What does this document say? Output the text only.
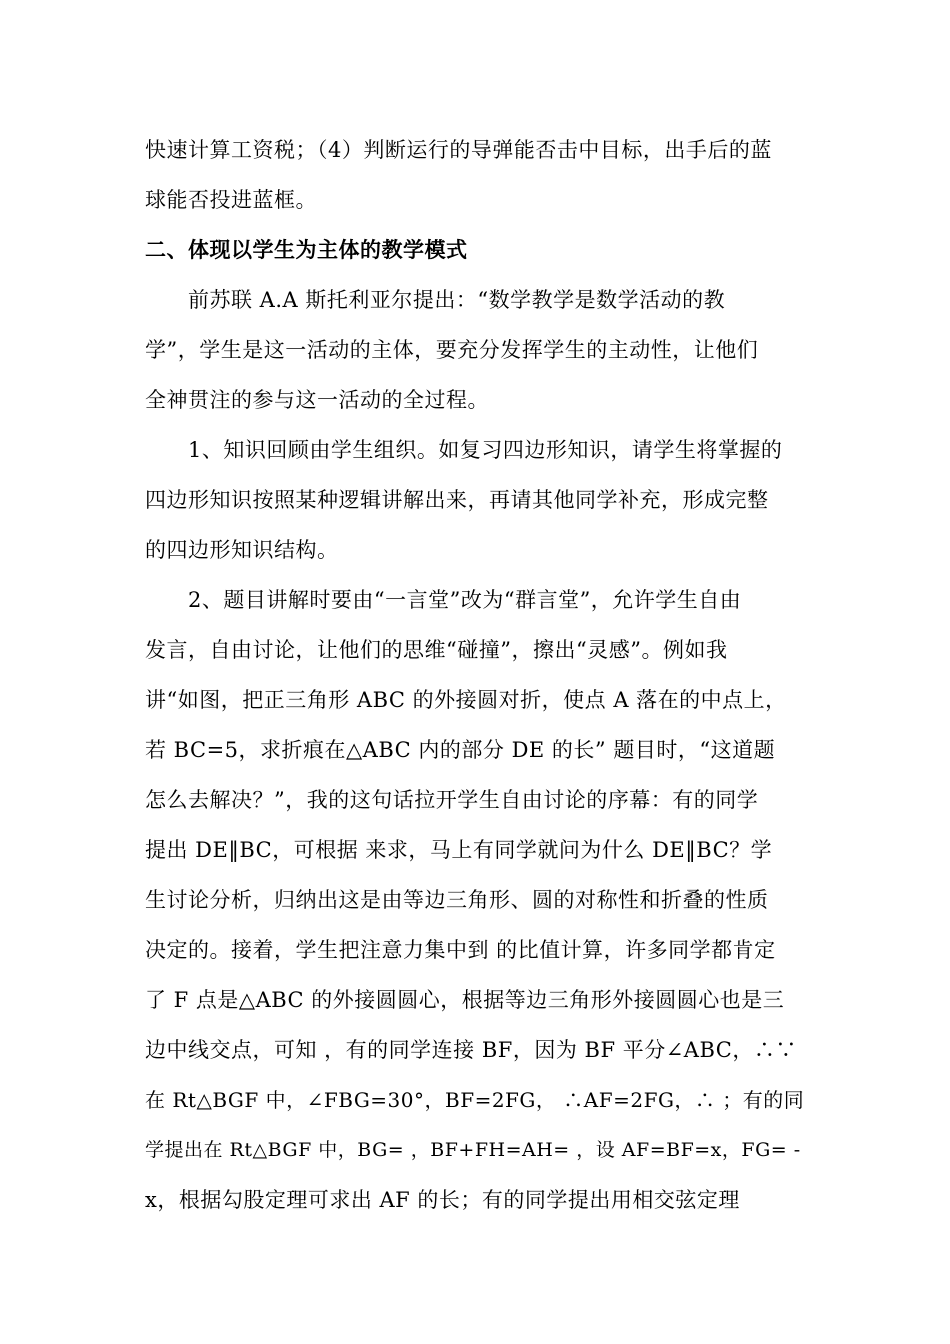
快速计算工资税；（4）判断运行的导弹能否击中目标，出手后的蓝
球能否投进蓝框。
二、体现以学生为主体的教学模式
前苏联 A.A 斯托利亚尔提出：“数学教学是数学活动的教
学”，学生是这一活动的主体，要充分发挥学生的主动性，让他们
全神贯注的参与这一活动的全过程。
1、知识回顾由学生组织。如复习四边形知识，请学生将掌握的
四边形知识按照某种逻辑讲解出来，再请其他同学补充，形成完整
的四边形知识结构。
2、题目讲解时要由“一言堂”改为“群言堂”，允许学生自由
发言，自由讨论，让他们的思维“碰撞”，擦出“灵感”。例如我
讲“如图，把正三角形 ABC 的外接圆对折，使点 A 落在的中点上，
若 BC=5，求折痕在△ABC 内的部分 DE 的长” 题目时，“这道题
怎么去解决？”，我的这句话拉开学生自由讨论的序幕：有的同学
提出 DE‖BC，可根据 来求，马上有同学就问为什么 DE‖BC？学
生讨论分析，归纳出这是由等边三角形、圆的对称性和折叠的性质
决定的。接着，学生把注意力集中到 的比值计算，许多同学都肯定
了 F 点是△ABC 的外接圆圆心，根据等边三角形外接圆圆心也是三
边中线交点，可知 ，有的同学连接 BF，因为 BF 平分∠ABC，∴∵
在 Rt△BGF 中，∠FBG=30°，BF=2FG， ∴AF=2FG，∴ ；有的同
学提出在 Rt△BGF 中，BG= ，BF+FH=AH= ，设 AF=BF=x，FG= -
x，根据勾股定理可求出 AF 的长；有的同学提出用相交弦定理
